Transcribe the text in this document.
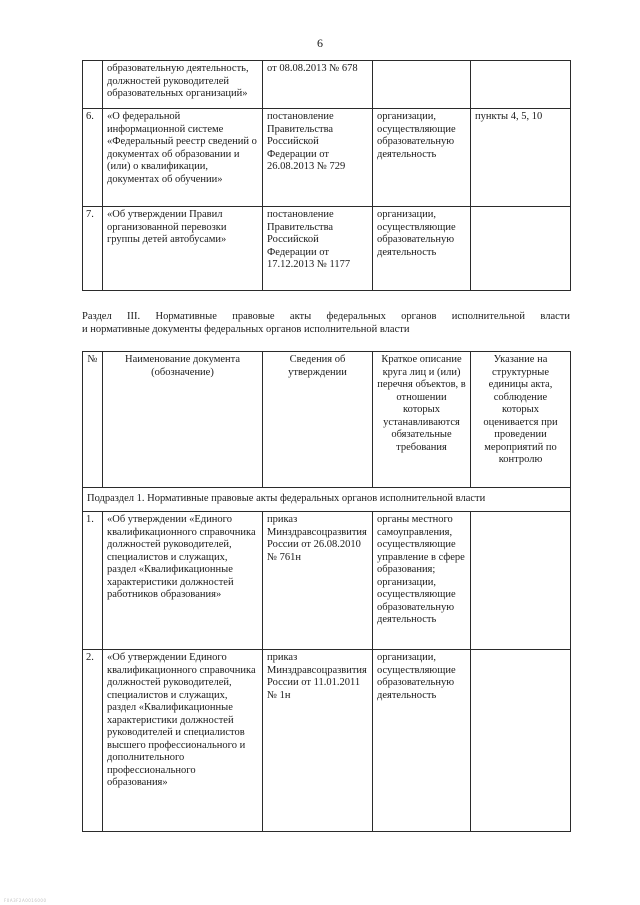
6
	образовательную деятельность, должностей руководителей образовательных организаций»	от 08.08.2013 № 678		
6.	«О федеральной информационной системе «Федеральный реестр сведений о документах об образовании и (или) о квалификации, документах об обучении»	постановление Правительства Российской Федерации от 26.08.2013 № 729	организации, осуществляющие образовательную деятельность	пункты 4, 5, 10
7.	«Об утверждении Правил организованной перевозки группы детей автобусами»	постановление Правительства Российской Федерации от 17.12.2013 № 1177	организации, осуществляющие образовательную деятельность	
Раздел III. Нормативные правовые акты федеральных органов исполнительной власти
и нормативные документы федеральных органов исполнительной власти
№	Наименование документа (обозначение)	Сведения об утверждении	Краткое описание круга лиц и (или) перечня объектов, в отношении которых устанавливаются обязательные требования	Указание на структурные единицы акта, соблюдение которых оценивается при проведении мероприятий по контролю
Подраздел 1. Нормативные правовые акты федеральных органов исполнительной власти				
1.	«Об утверждении «Единого квалификационного справочника должностей руководителей, специалистов и служащих, раздел «Квалификационные характеристики должностей работников образования»	приказ Минздравсоцразвития России от 26.08.2010 № 761н	органы местного самоуправления, осуществляющие управление в сфере образования; организации, осуществляющие образовательную деятельность	
2.	«Об утверждении Единого квалификационного справочника должностей руководителей, специалистов и служащих, раздел «Квалификационные характеристики должностей руководителей и специалистов высшего профессионального и дополнительного профессионального образования»	приказ Минздравсоцразвития России от 11.01.2011 № 1н	организации, осуществляющие образовательную деятельность	
F0A3F2A0016000
